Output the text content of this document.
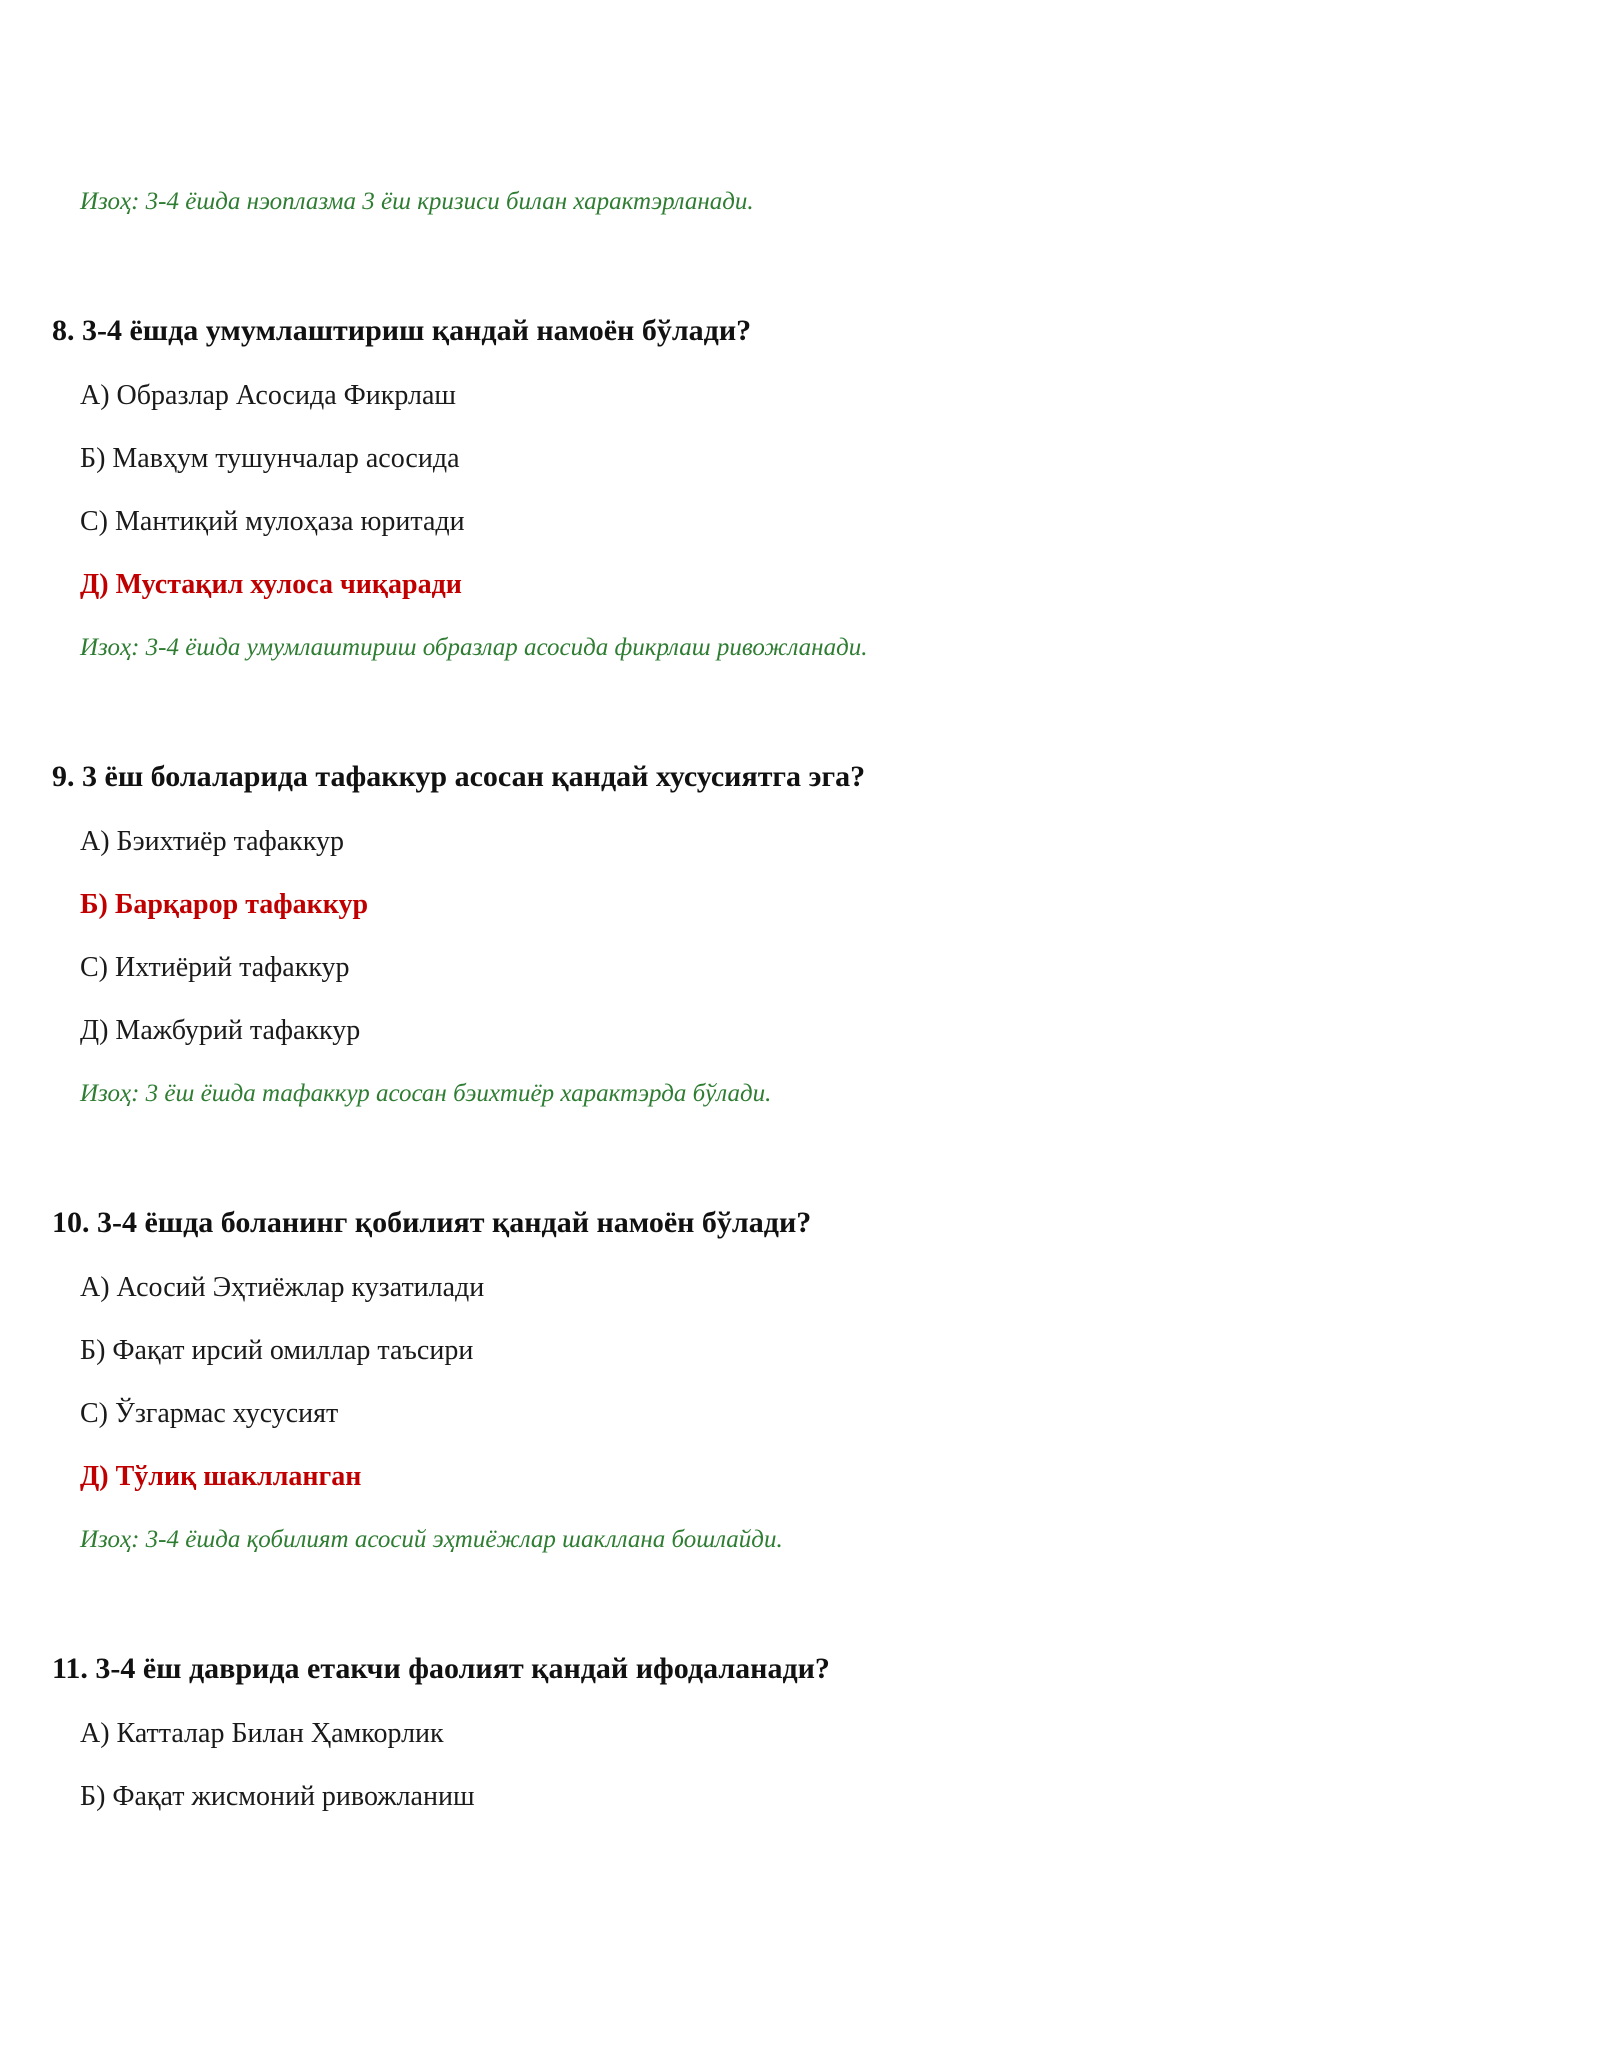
Изоҳ: 3-4 ёшда нэоплазма 3 ёш кризиси билан характэрланади.
8. 3-4 ёшда умумлаштириш қандай намоён бўлади?
А) Образлар Асосида Фикрлаш
Б) Мавҳум тушунчалар асосида
С) Мантиқий мулоҳаза юритади
Д) Мустақил хулоса чиқаради
Изоҳ: 3-4 ёшда умумлаштириш образлар асосида фикрлаш ривожланади.
9. 3 ёш болаларида тафаккур асосан қандай хусусиятга эга?
А) Бэихтиёр тафаккур
Б) Барқарор тафаккур
С) Ихтиёрий тафаккур
Д) Мажбурий тафаккур
Изоҳ: 3 ёш ёшда тафаккур асосан бэихтиёр характэрда бўлади.
10. 3-4 ёшда боланинг қобилият қандай намоён бўлади?
А) Асосий Эҳтиёжлар кузатилади
Б) Фақат ирсий омиллар таъсири
С) Ўзгармас хусусият
Д) Тўлиқ шаклланган
Изоҳ: 3-4 ёшда қобилият асосий эҳтиёжлар шакллана бошлайди.
11. 3-4 ёш даврида етакчи фаолият қандай ифодаланади?
А) Катталар Билан Ҳамкорлик
Б) Фақат жисмоний ривожланиш
